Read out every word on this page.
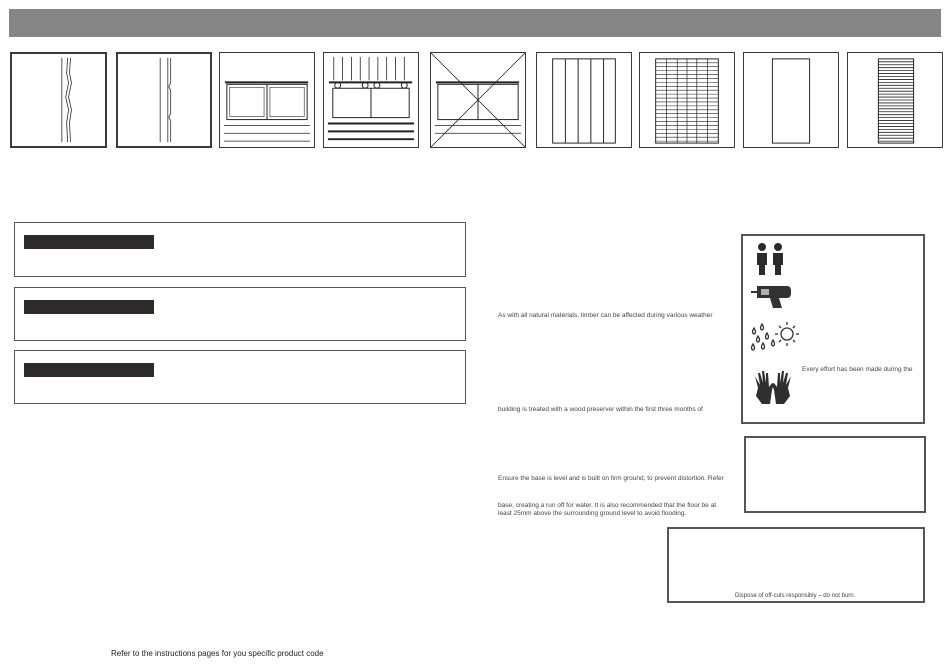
As with all natural materials, timber can be affected during various weather
building is treated with a wood preserver within the first three months of
Ensure the base is level and is built on firm ground, to prevent distortion. Refer
base, creating a run off for water. It is also recommended that the floor be at
least 25mm above the surrounding ground level to avoid flooding.
Every effort has been made during the
Dispose of off-cuts responsibly – do not burn.
Refer to the instructions pages for you specific product code
